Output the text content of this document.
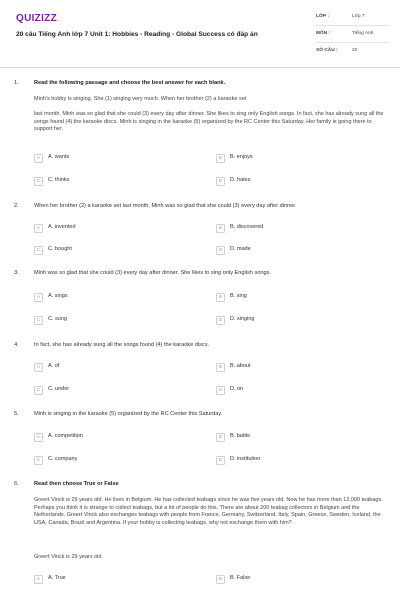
QUIZIZZ
20 câu Tiếng Anh lớp 7 Unit 1: Hobbies - Reading - Global Success có đáp án
LỚP :	Lớp 7
MÔN :	Tiếng Anh
SỐ CÂU :	20
1.	Read the following passage and choose the best answer for each blank.
Minh's hobby is singing. She (1) singing very much. When her brother (2) a karaoke set
last month, Minh was so glad that she could (3) every day after dinner. She likes to sing only English songs. In fact, she has already sung all the songs found (4) the karaoke discs. Minh is singing in the karaoke (5) organized by the RC Center this Saturday. Her family is going there to support her.
A	A. wants	B	B. enjoys
C	C. thinks	D	D. hates
2.	When her brother (2) a karaoke set last month, Minh was so glad that she could (3) every day after dinner.
A	A. invented	B	B. discovered
C	C. bought	D	D. made
3.	Minh was so glad that she could (3) every day after dinner. She likes to sing only English songs.
A	A. sings	B	B. sing
C	C. sung	D	D. singing
4.	In fact, she has already sung all the songs found (4) the karaoke discs.
A	A. of	B	B. about
C	C. under	D	D. on
5.	Minh is singing in the karaoke (5) organized by the RC Center this Saturday.
A	A. competition	B	B. battle
C	C. company	D	D. institution
6.	Read then choose True or False
Greert Vinck is 29 years old. He lives in Belgium. He has collected teabags since he was five years old. Now he has more than 12,000 teabags. Perhaps you think it is strange to collect teabags, but a lot of people do this. There are about 200 teabag collectors in Belgium and the Netherlands. Greert Vinck also exchanges teabags with people from France, Germany, Switzerland, Italy, Spain, Greece, Sweden, Iceland, the USA, Canada, Brazil and Argentina. If your hobby is collecting teabags, why not exchange them with him?
Greert Vinck is 29 years old.
A	A. True	B	B. False
